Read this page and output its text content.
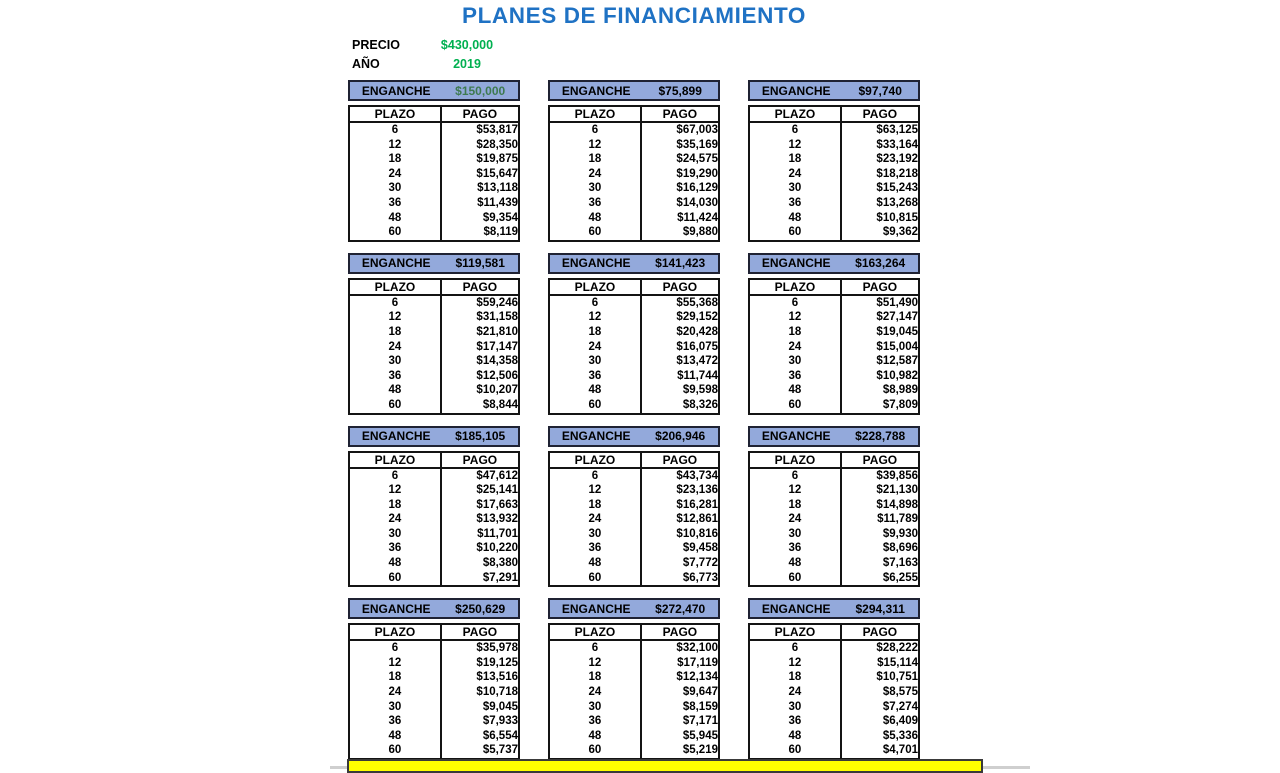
PLANES DE FINANCIAMIENTO
PRECIO	$430,000
AÑO	2019
ENGANCHE	$150,000
PLAZO	PAGO
6	$53,817
12	$28,350
18	$19,875
24	$15,647
30	$13,118
36	$11,439
48	$9,354
60	$8,119
ENGANCHE	$75,899
PLAZO	PAGO
6	$67,003
12	$35,169
18	$24,575
24	$19,290
30	$16,129
36	$14,030
48	$11,424
60	$9,880
ENGANCHE	$97,740
PLAZO	PAGO
6	$63,125
12	$33,164
18	$23,192
24	$18,218
30	$15,243
36	$13,268
48	$10,815
60	$9,362
ENGANCHE	$119,581
PLAZO	PAGO
6	$59,246
12	$31,158
18	$21,810
24	$17,147
30	$14,358
36	$12,506
48	$10,207
60	$8,844
ENGANCHE	$141,423
PLAZO	PAGO
6	$55,368
12	$29,152
18	$20,428
24	$16,075
30	$13,472
36	$11,744
48	$9,598
60	$8,326
ENGANCHE	$163,264
PLAZO	PAGO
6	$51,490
12	$27,147
18	$19,045
24	$15,004
30	$12,587
36	$10,982
48	$8,989
60	$7,809
ENGANCHE	$185,105
PLAZO	PAGO
6	$47,612
12	$25,141
18	$17,663
24	$13,932
30	$11,701
36	$10,220
48	$8,380
60	$7,291
ENGANCHE	$206,946
PLAZO	PAGO
6	$43,734
12	$23,136
18	$16,281
24	$12,861
30	$10,816
36	$9,458
48	$7,772
60	$6,773
ENGANCHE	$228,788
PLAZO	PAGO
6	$39,856
12	$21,130
18	$14,898
24	$11,789
30	$9,930
36	$8,696
48	$7,163
60	$6,255
ENGANCHE	$250,629
PLAZO	PAGO
6	$35,978
12	$19,125
18	$13,516
24	$10,718
30	$9,045
36	$7,933
48	$6,554
60	$5,737
ENGANCHE	$272,470
PLAZO	PAGO
6	$32,100
12	$17,119
18	$12,134
24	$9,647
30	$8,159
36	$7,171
48	$5,945
60	$5,219
ENGANCHE	$294,311
PLAZO	PAGO
6	$28,222
12	$15,114
18	$10,751
24	$8,575
30	$7,274
36	$6,409
48	$5,336
60	$4,701
